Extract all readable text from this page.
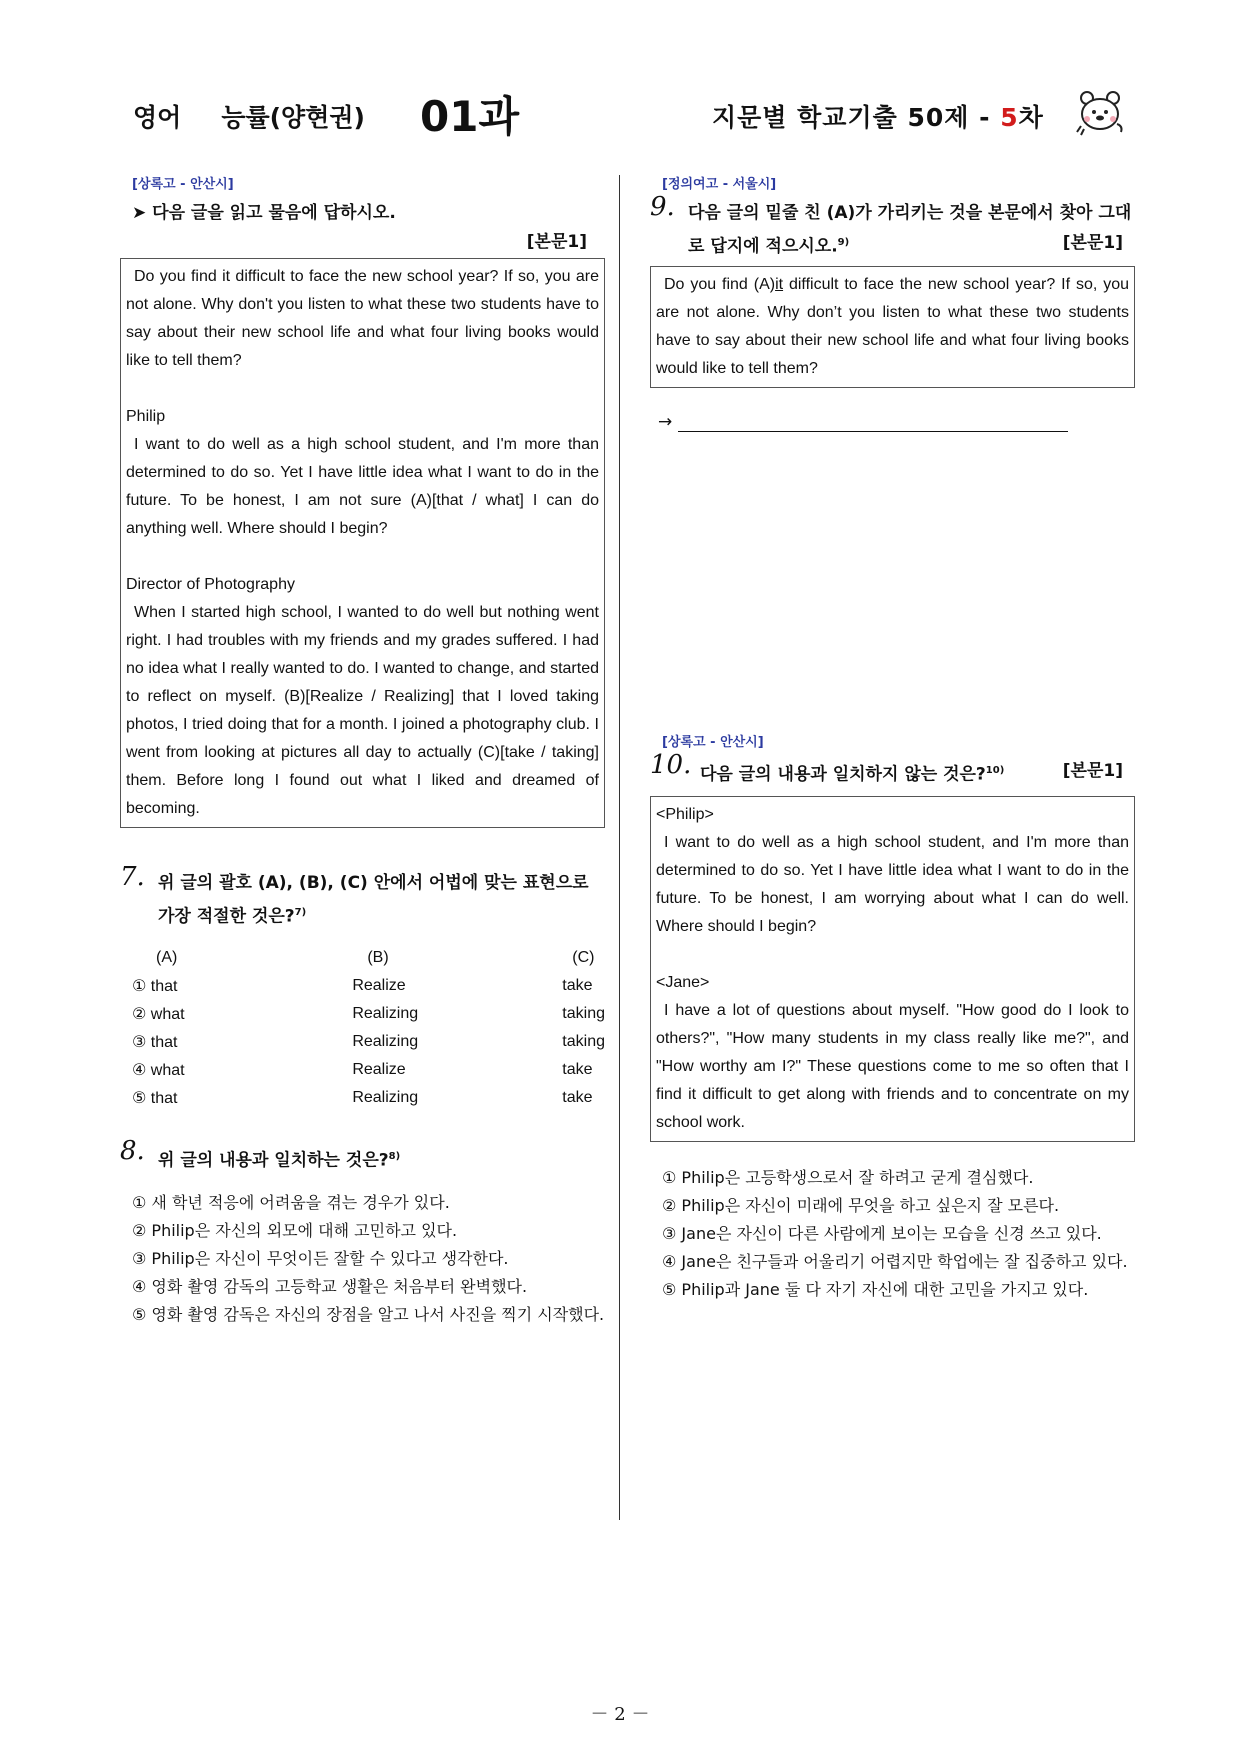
영어 능률(양현권)	01과	지문별 학교기출 50제 - 5차
[상록고 - 안산시]
➤ 다음 글을 읽고 물음에 답하시오.
[본문1]

Do you find it difficult to face the new school year? If so, you are not alone. Why don't you listen to what these two students have to say about their new school life and what four living books would like to tell them?

Philip

I want to do well as a high school student, and I'm more than determined to do so. Yet I have little idea what I want to do in the future. To be honest, I am not sure (A)[that / what] I can do anything well. Where should I begin?

Director of Photography

When I started high school, I wanted to do well but nothing went right. I had troubles with my friends and my grades suffered. I had no idea what I really wanted to do. I wanted to change, and started to reflect on myself. (B)[Realize / Realizing] that I loved taking photos, I tried doing that for a month. I joined a photography club. I went from looking at pictures all day to actually (C)[take / taking] them. Before long I found out what I liked and dreamed of becoming.

7. 위 글의 괄호 (A), (B), (C) 안에서 어법에 맞는 표현으로 가장 적절한 것은?$^{7)}$
(A)	(B)	(C)
① that	Realize	take
② what	Realizing	taking
③ that	Realizing	taking
④ what	Realize	take
⑤ that	Realizing	take
8. 위 글의 내용과 일치하는 것은?$^{8)}$
① 새 학년 적응에 어려움을 겪는 경우가 있다.
② Philip은 자신의 외모에 대해 고민하고 있다.
③ Philip은 자신이 무엇이든 잘할 수 있다고 생각한다.
④ 영화 촬영 감독의 고등학교 생활은 처음부터 완벽했다.
⑤ 영화 촬영 감독은 자신의 장점을 알고 나서 사진을 찍기 시작했다.
[정의여고 - 서울시]
9. 다음 글의 밑줄 친 (A)가 가리키는 것을 본문에서 찾아 그대로 답지에 적으시오.$^{9)}$	[본문1]

Do you find (A)it difficult to face the new school year? If so, you are not alone. Why don’t you listen to what these two students have to say about their new school life and what four living books would like to tell them?

→
[상록고 - 안산시]
10. 다음 글의 내용과 일치하지 않는 것은?$^{10)}$	[본문1]

<Philip>

I want to do well as a high school student, and I'm more than determined to do so. Yet I have little idea what I want to do in the future. To be honest, I am worrying about what I can do well. Where should I begin?

<Jane>

I have a lot of questions about myself. "How good do I look to others?", "How many students in my class really like me?", and "How worthy am I?" These questions come to me so often that I find it difficult to get along with friends and to concentrate on my school work.

① Philip은 고등학생으로서 잘 하려고 굳게 결심했다.
② Philip은 자신이 미래에 무엇을 하고 싶은지 잘 모른다.
③ Jane은 자신이 다른 사람에게 보이는 모습을 신경 쓰고 있다.
④ Jane은 친구들과 어울리기 어렵지만 학업에는 잘 집중하고 있다.
⑤ Philip과 Jane 둘 다 자기 자신에 대한 고민을 가지고 있다.
－ 2 －
